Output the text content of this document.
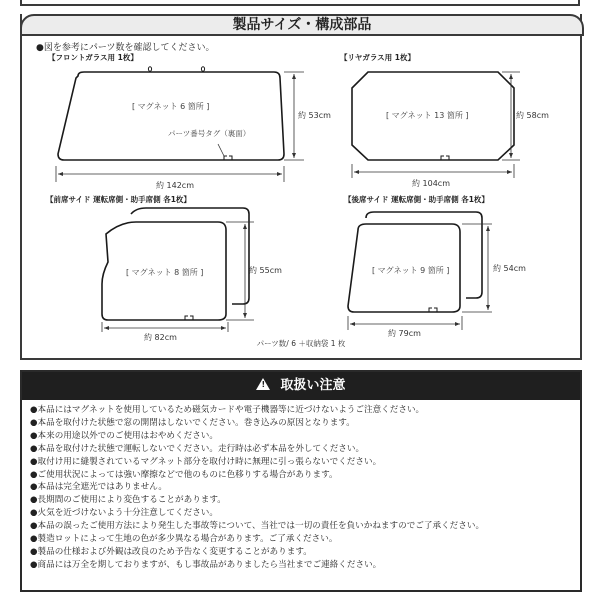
製品サイズ・構成部品
●図を参考にパーツ数を確認してください。
【フロントガラス用 1枚】
[ マグネット 6 箇所 ]
パーツ番号タグ（裏面）
約 53cm
約 142cm
【リヤガラス用 1枚】
[ マグネット 13 箇所 ]	約 58cm
約 104cm
【前席サイド 運転席側・助手席側 各1枚】
[ マグネット 8 箇所 ]	約 55cm
約 82cm
【後席サイド 運転席側・助手席側 各1枚】
[ マグネット 9 箇所 ]	約 54cm
約 79cm
パーツ数/ 6 ＋収納袋 1 枚
!取扱い注意
● 本品にはマグネットを使用しているため磁気カードや電子機器等に近づけないようご注意ください。
● 本品を取付けた状態で窓の開閉はしないでください。巻き込みの原因となります。
● 本来の用途以外でのご使用はおやめください。
● 本品を取付けた状態で運転しないでください。走行時は必ず本品を外してください。
● 取付け用に縫製されているマグネット部分を取付け時に無理に引っ張らないでください。
● ご使用状況によっては強い摩擦などで他のものに色移りする場合があります。
● 本品は完全遮光ではありません。
● 長期間のご使用により変色することがあります。
● 火気を近づけないよう十分注意してください。
● 本品の誤ったご使用方法により発生した事故等について、当社では一切の責任を負いかねますのでご了承ください。
● 製造ロットによって生地の色が多少異なる場合があります。ご了承ください。
● 製品の仕様および外観は改良のため予告なく変更することがあります。
● 商品には万全を期しておりますが、もし事故品がありましたら当社までご連絡ください。
